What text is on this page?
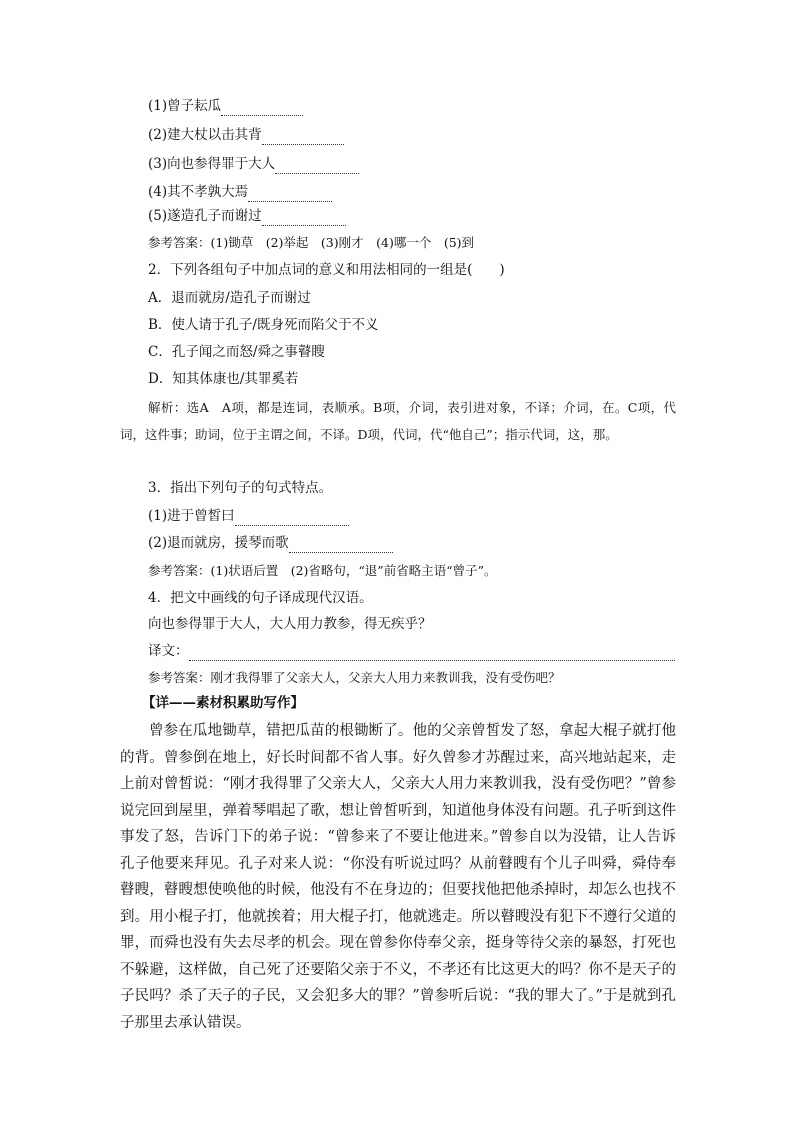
(1)曾子耘瓜
(2)建大杖以击其背
(3)向也参得罪于大人
(4)其不孝孰大焉
(5)遂造孔子而谢过
参考答案：(1)锄草　(2)举起　(3)刚才　(4)哪一个　(5)到
2．下列各组句子中加点词的意义和用法相同的一组是(　　)
A．退而就房/造孔子而谢过
B．使人请于孔子/既身死而陷父于不义
C．孔子闻之而怒/舜之事瞽瞍
D．知其体康也/其罪奚若
解析：选A　A项，都是连词，表顺承。B项，介词，表引进对象，不译；介词，在。C项，代词，这件事；助词，位于主谓之间，不译。D项，代词，代“他自己”；指示代词，这，那。
3．指出下列句子的句式特点。
(1)进于曾皙曰
(2)退而就房，援琴而歌
参考答案：(1)状语后置　(2)省略句，“退”前省略主语“曾子”。
4．把文中画线的句子译成现代汉语。
向也参得罪于大人，大人用力教参，得无疾乎？
译文：
参考答案：刚才我得罪了父亲大人，父亲大人用力来教训我，没有受伤吧？
【详——素材积累助写作】
曾参在瓜地锄草，错把瓜苗的根锄断了。他的父亲曾皙发了怒，拿起大棍子就打他的背。曾参倒在地上，好长时间都不省人事。好久曾参才苏醒过来，高兴地站起来，走上前对曾皙说：“刚才我得罪了父亲大人，父亲大人用力来教训我，没有受伤吧？”曾参说完回到屋里，弹着琴唱起了歌，想让曾皙听到，知道他身体没有问题。孔子听到这件事发了怒，告诉门下的弟子说：“曾参来了不要让他进来。”曾参自以为没错，让人告诉孔子他要来拜见。孔子对来人说：“你没有听说过吗？从前瞽瞍有个儿子叫舜，舜侍奉瞽瞍，瞽瞍想使唤他的时候，他没有不在身边的；但要找他把他杀掉时，却怎么也找不到。用小棍子打，他就挨着；用大棍子打，他就逃走。所以瞽瞍没有犯下不遵行父道的罪，而舜也没有失去尽孝的机会。现在曾参你侍奉父亲，挺身等待父亲的暴怒，打死也不躲避，这样做，自己死了还要陷父亲于不义，不孝还有比这更大的吗？你不是天子的子民吗？杀了天子的子民，又会犯多大的罪？”曾参听后说：“我的罪大了。”于是就到孔子那里去承认错误。
